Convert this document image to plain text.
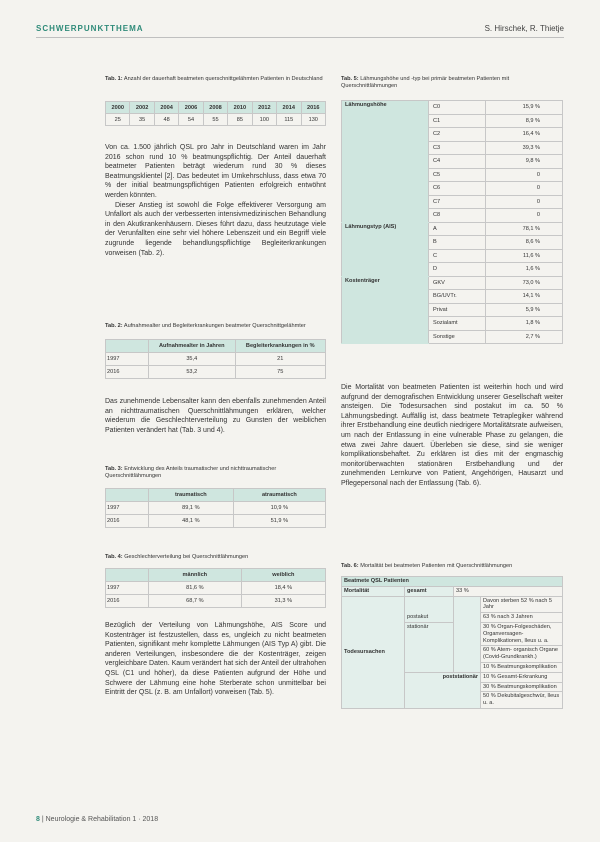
SCHWERPUNKTTHEMA	S. Hirschek, R. Thietje
Tab. 1: Anzahl der dauerhaft beatmeten querschnittgelähmten Patienten in Deutschland
2000	2002	2004	2006	2008	2010	2012	2014	2016
25	35	48	54	55	85	100	115	130

Von ca. 1.500 jährlich QSL pro Jahr in Deutschland waren im Jahr 2016 schon rund 10 % beatmungspflichtig. Der Anteil dauerhaft beatmeter Patienten beträgt wiederum rund 30 % dieses Beatmungsklientel [2]. Das bedeutet im Umkehrschluss, dass etwa 70 % der initial beatmungspflichtigen Patienten erfolgreich entwöhnt werden könnten.

Dieser Anstieg ist sowohl die Folge effektiverer Versorgung am Unfallort als auch der verbesserten intensivmedizinischen Behandlung in den Akutkrankenhäusern. Dieses führt dazu, dass heutzutage viele der Verunfallten eine sehr viel höhere Lebenszeit und ein Begriff viele zugrunde liegende behandlungspflichtige Begleiterkrankungen vorweisen (Tab. 2).

Tab. 2: Aufnahmealter und Begleiterkrankungen beatmeter Querschnittgelähmter
	Aufnahmealter in Jahren	Begleiterkrankungen in %
1997	35,4	21
2016	53,2	75

Das zunehmende Lebensalter kann den ebenfalls zunehmenden Anteil an nichttraumatischen Querschnittlähmungen erklären, welcher wiederum die Geschlechterverteilung zu Gunsten der weiblichen Patienten verändert hat (Tab. 3 und 4).

Tab. 3: Entwicklung des Anteils traumatischer und nichttraumatischer Querschnittlähmungen
	traumatisch	atraumatisch
1997	89,1 %	10,9 %
2016	48,1 %	51,9 %
Tab. 4: Geschlechterverteilung bei Querschnittlähmungen
	männlich	weiblich
1997	81,6 %	18,4 %
2016	68,7 %	31,3 %

Bezüglich der Verteilung von Lähmungshöhe, AIS Score und Kostenträger ist festzustellen, dass es, ungleich zu nicht beatmeten Patienten, signifikant mehr komplette Lähmungen (AIS Typ A) gibt. Die anderen Verteilungen, insbesondere die der Kostenträger, zeigen vergleichbare Daten. Kaum verändert hat sich der Anteil der ultrahohen QSL (C1 und höher), da diese Patienten aufgrund der Höhe und Schwere der Lähmung eine hohe Sterberate schon unmittelbar bei Eintritt der QSL (z. B. am Unfallort) vorweisen (Tab. 5).

Tab. 5: Lähmungshöhe und -typ bei primär beatmeten Patienten mit Querschnittlähmungen
Lähmungshöhe	C0	15,9 %
	C1	8,9 %
	C2	16,4 %
	C3	39,3 %
	C4	9,8 %
	C5	0
	C6	0
	C7	0
	C8	0
Lähmungstyp (AIS)	A	78,1 %
	B	8,6 %
	C	11,6 %
	D	1,6 %
Kostenträger	GKV	73,0 %
	BG/UVTr.	14,1 %
	Privat	5,9 %
	Sozialamt	1,8 %
	Sonstige	2,7 %

Die Mortalität von beatmeten Patienten ist weiterhin hoch und wird aufgrund der demografischen Entwicklung unserer Gesellschaft weiter ansteigen. Die Todesursachen sind postakut im ca. 50 % Lähmungsbedingt. Auffällig ist, dass beatmete Tetraplegiker während ihrer Erstbehandlung eine deutlich niedrigere Mortalitätsrate aufweisen, um nach der Entlassung in eine vulnerable Phase zu gelangen, die etwa zwei Jahre dauert. Überleben sie diese, sind sie weniger komplikationsbehaftet. Zu erklären ist dies mit der engmaschig monitorüberwachten stationären Erstbehandlung und der zunehmenden Lernkurve von Patient, Angehörigen, Hausarzt und Pflegepersonal nach der Entlassung (Tab. 6).

Tab. 6: Mortalität bei beatmeten Patienten mit Querschnittlähmungen
Beatmete QSL Patienten			
Mortalität	gesamt	33 %	
Todesursachen	postakut		Davon sterben 52 % nach 5 Jahr
			63 % nach 3 Jahren
	stationär		30 % Organ-Folgeschäden, Organversagen-Komplikationen, Ileus u. a.
			60 % Atem- organisch Organe (Covid-Grundkrankh.)
			10 % Beatmungskomplikation
	poststationär		10 % Gesamt-Erkrankung
			30 % Beatmungskomplikation
			50 % Dekubitalgeschwür, Ileus u. a.
8 | Neurologie & Rehabilitation 1 · 2018
